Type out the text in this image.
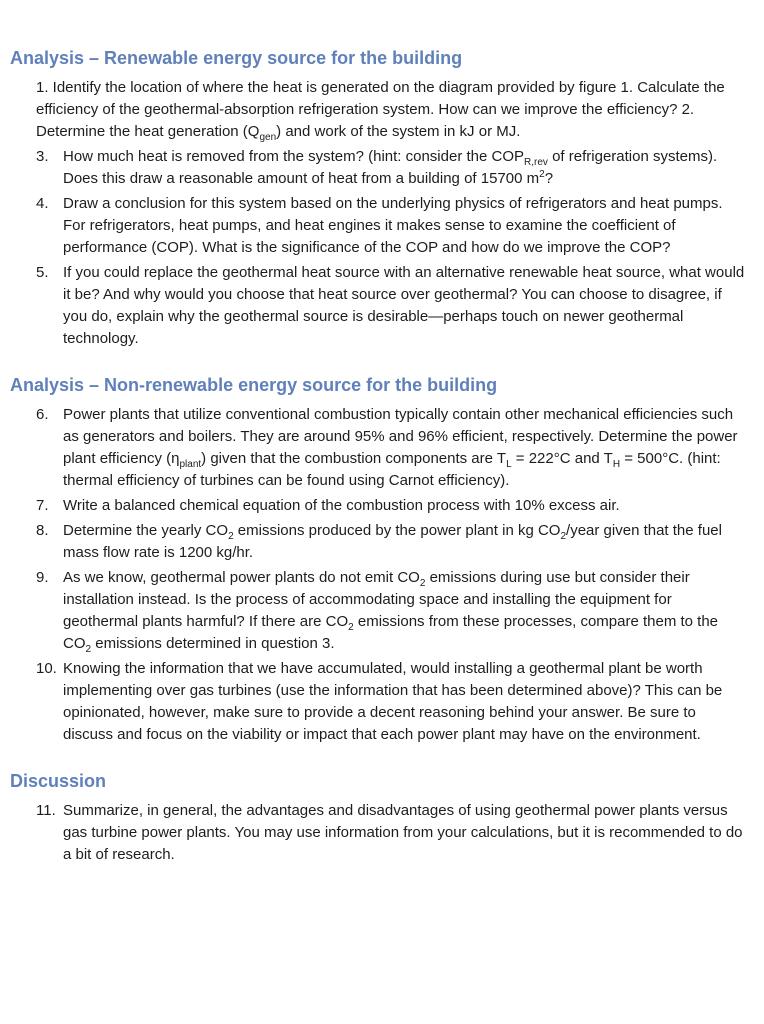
Analysis – Renewable energy source for the building

1. Identify the location of where the heat is generated on the diagram provided by figure 1. Calculate the efficiency of the geothermal-absorption refrigeration system. How can we improve the efficiency? 2. Determine the heat generation $(Q_{gen})$ and work of the system in kJ or MJ.

3. How much heat is removed from the system? (hint: consider the $COP_{R,rev}$ of refrigeration systems). Does this draw a reasonable amount of heat from a building of 15700 $m^2$?
4. Draw a conclusion for this system based on the underlying physics of refrigerators and heat pumps. For refrigerators, heat pumps, and heat engines it makes sense to examine the coefficient of performance (COP). What is the significance of the COP and how do we improve the COP?
5. If you could replace the geothermal heat source with an alternative renewable heat source, what would it be? And why would you choose that heat source over geothermal? You can choose to disagree, if you do, explain why the geothermal source is desirable—perhaps touch on newer geothermal technology.
Analysis – Non-renewable energy source for the building
6. Power plants that utilize conventional combustion typically contain other mechanical efficiencies such as generators and boilers. They are around 95% and 96% efficient, respectively. Determine the power plant efficiency $(\eta_{plant})$ given that the combustion components are $T_L = 222^\circ C$ and $T_H = 500^\circ C$. (hint: thermal efficiency of turbines can be found using Carnot efficiency).
7. Write a balanced chemical equation of the combustion process with 10% excess air.
8. Determine the yearly $CO_2$ emissions produced by the power plant in kg $CO_2$/year given that the fuel mass flow rate is 1200 kg/hr.
9. As we know, geothermal power plants do not emit $CO_2$ emissions during use but consider their installation instead. Is the process of accommodating space and installing the equipment for geothermal plants harmful? If there are $CO_2$ emissions from these processes, compare them to the $CO_2$ emissions determined in question 3.
10. Knowing the information that we have accumulated, would installing a geothermal plant be worth implementing over gas turbines (use the information that has been determined above)? This can be opinionated, however, make sure to provide a decent reasoning behind your answer. Be sure to discuss and focus on the viability or impact that each power plant may have on the environment.
Discussion
11. Summarize, in general, the advantages and disadvantages of using geothermal power plants versus gas turbine power plants. You may use information from your calculations, but it is recommended to do a bit of research.
